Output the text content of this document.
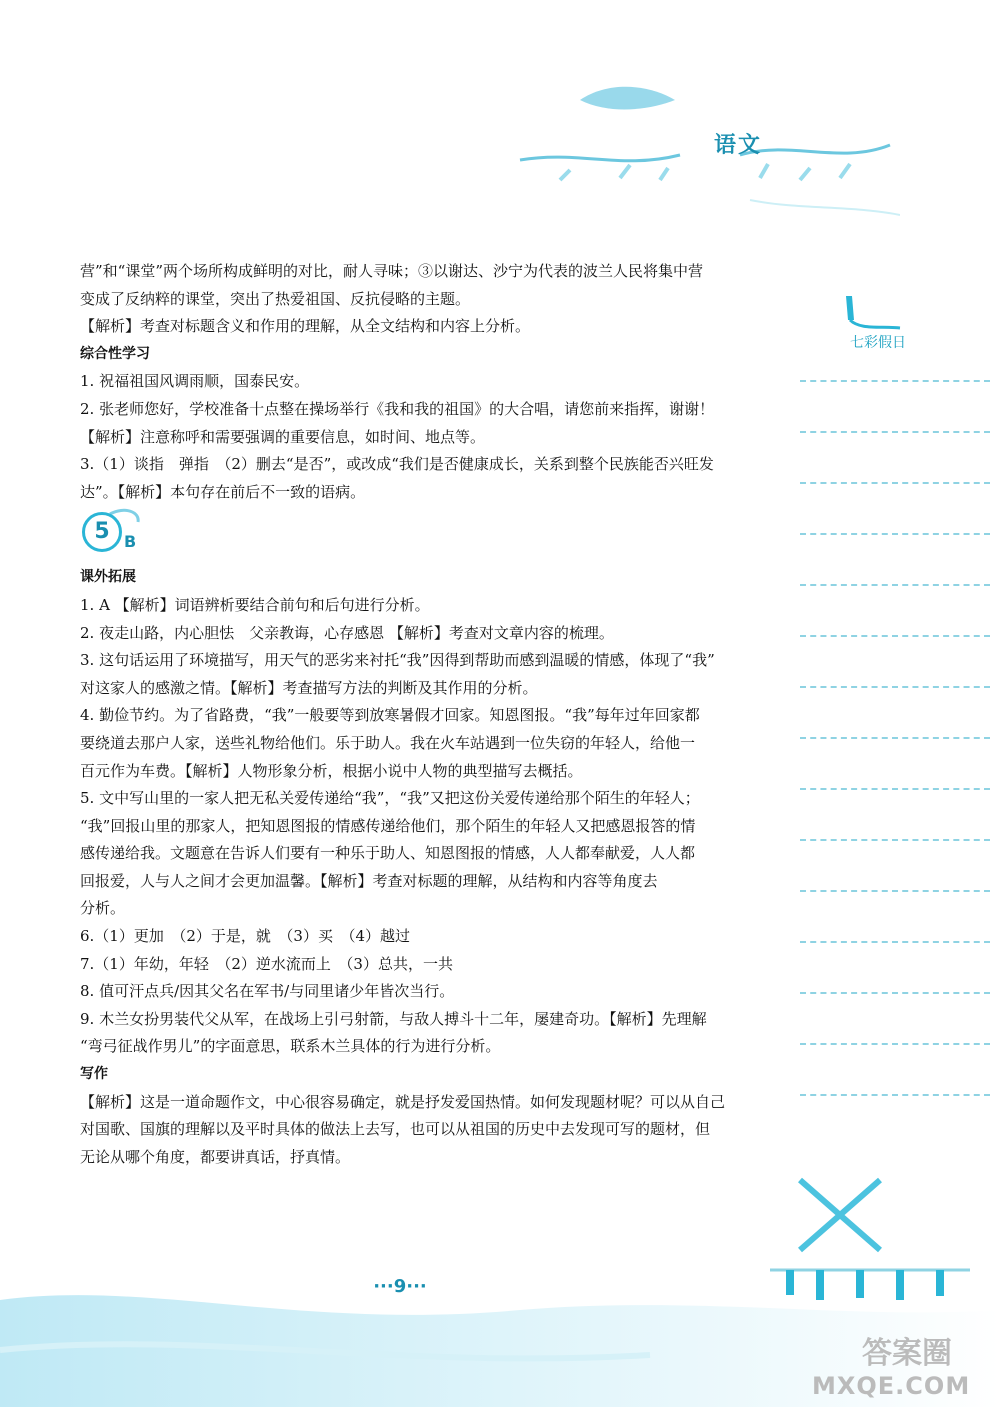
语文
七彩假日

营”和“课堂”两个场所构成鲜明的对比，耐人寻味；③以谢达、沙宁为代表的波兰人民将集中营

变成了反纳粹的课堂，突出了热爱祖国、反抗侵略的主题。

【解析】考查对标题含义和作用的理解，从全文结构和内容上分析。

综合性学习

1. 祝福祖国风调雨顺，国泰民安。

2. 张老师您好，学校准备十点整在操场举行《我和我的祖国》的大合唱，请您前来指挥，谢谢！

【解析】注意称呼和需要强调的重要信息，如时间、地点等。

3.（1）谈指　弹指　（2）删去“是否”，或改成“我们是否健康成长，关系到整个民族能否兴旺发

达”。【解析】本句存在前后不一致的语病。

5 B

课外拓展

1. A 【解析】词语辨析要结合前句和后句进行分析。

2. 夜走山路，内心胆怯　父亲教诲，心存感恩 【解析】考查对文章内容的梳理。

3. 这句话运用了环境描写，用天气的恶劣来衬托“我”因得到帮助而感到温暖的情感，体现了“我”

对这家人的感激之情。【解析】考查描写方法的判断及其作用的分析。

4. 勤俭节约。为了省路费，“我”一般要等到放寒暑假才回家。知恩图报。“我”每年过年回家都

要绕道去那户人家，送些礼物给他们。乐于助人。我在火车站遇到一位失窃的年轻人，给他一

百元作为车费。【解析】人物形象分析，根据小说中人物的典型描写去概括。

5. 文中写山里的一家人把无私关爱传递给“我”，“我”又把这份关爱传递给那个陌生的年轻人；

“我”回报山里的那家人，把知恩图报的情感传递给他们，那个陌生的年轻人又把感恩报答的情

感传递给我。文题意在告诉人们要有一种乐于助人、知恩图报的情感，人人都奉献爱，人人都

回报爱，人与人之间才会更加温馨。【解析】考查对标题的理解，从结构和内容等角度去

分析。

6.（1）更加　（2）于是，就　（3）买　（4）越过

7.（1）年幼，年轻　（2）逆水流而上　（3）总共，一共

8. 值可汗点兵/因其父名在军书/与同里诸少年皆次当行。

9. 木兰女扮男装代父从军，在战场上引弓射箭，与敌人搏斗十二年，屡建奇功。【解析】先理解

“弯弓征战作男儿”的字面意思，联系木兰具体的行为进行分析。

写作

【解析】这是一道命题作文，中心很容易确定，就是抒发爱国热情。如何发现题材呢？可以从自己

对国歌、国旗的理解以及平时具体的做法上去写，也可以从祖国的历史中去发现可写的题材，但

无论从哪个角度，都要讲真话，抒真情。

···9···
答案圈
MXQE.COM
